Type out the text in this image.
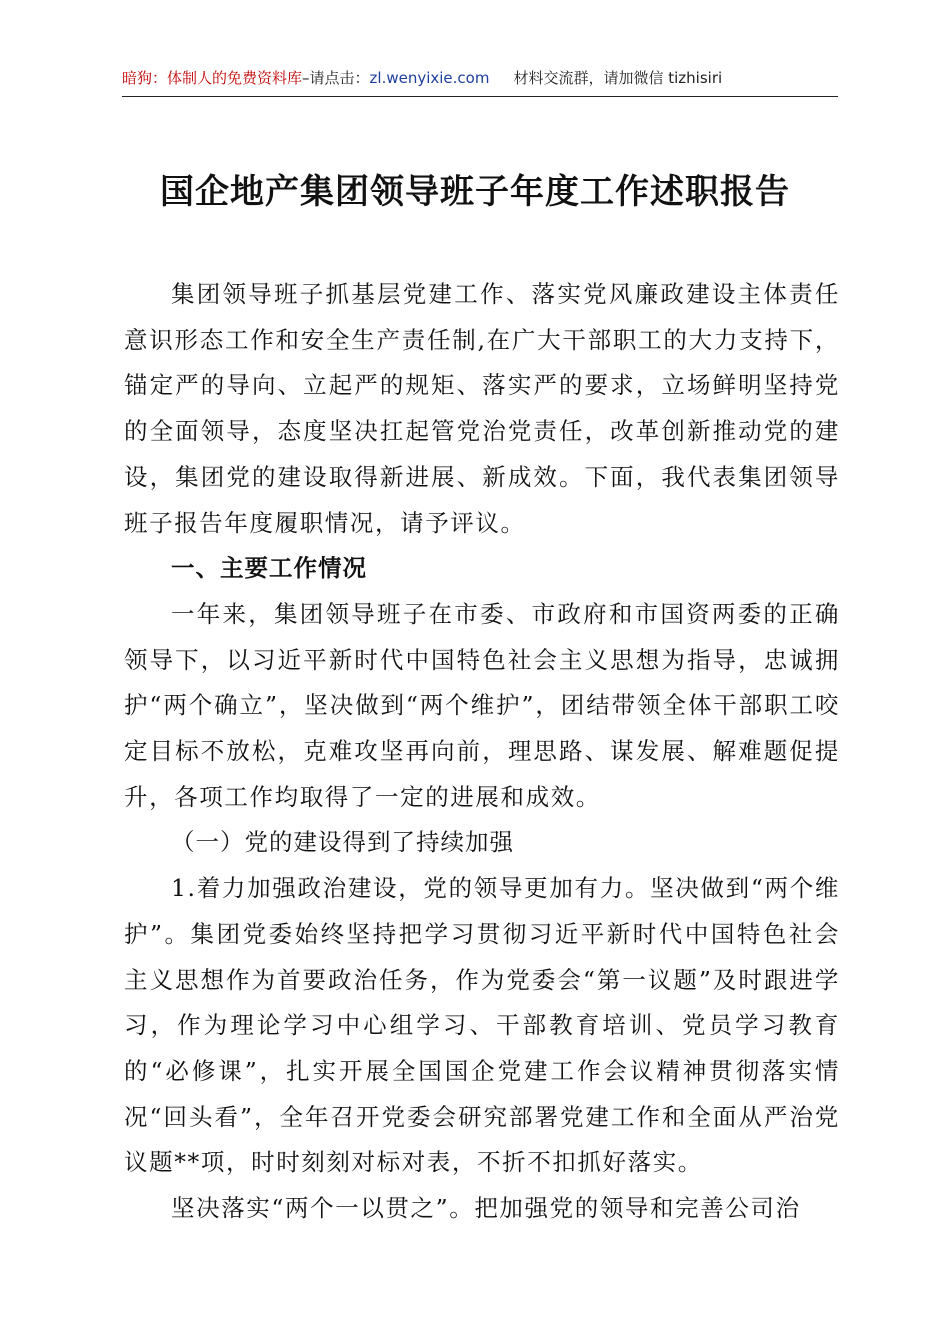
暗狗：体制人的免费资料库–请点击：zl.wenyixie.com 材料交流群，请加微信 tizhisiri
国企地产集团领导班子年度工作述职报告

集团领导班子抓基层党建工作、落实党风廉政建设主体责任意识形态工作和安全生产责任制,在广大干部职工的大力支持下，锚定严的导向、立起严的规矩、落实严的要求，立场鲜明坚持党的全面领导，态度坚决扛起管党治党责任，改革创新推动党的建设，集团党的建设取得新进展、新成效。下面，我代表集团领导班子报告年度履职情况，请予评议。

一、主要工作情况

一年来，集团领导班子在市委、市政府和市国资两委的正确领导下，以习近平新时代中国特色社会主义思想为指导，忠诚拥护“两个确立”，坚决做到“两个维护”，团结带领全体干部职工咬定目标不放松，克难攻坚再向前，理思路、谋发展、解难题促提升，各项工作均取得了一定的进展和成效。

（一）党的建设得到了持续加强

1.着力加强政治建设，党的领导更加有力。坚决做到“两个维护”。集团党委始终坚持把学习贯彻习近平新时代中国特色社会主义思想作为首要政治任务，作为党委会“第一议题”及时跟进学习，作为理论学习中心组学习、干部教育培训、党员学习教育的“必修课”，扎实开展全国国企党建工作会议精神贯彻落实情况“回头看”，全年召开党委会研究部署党建工作和全面从严治党议题**项，时时刻刻对标对表，不折不扣抓好落实。

坚决落实“两个一以贯之”。把加强党的领导和完善公司治
